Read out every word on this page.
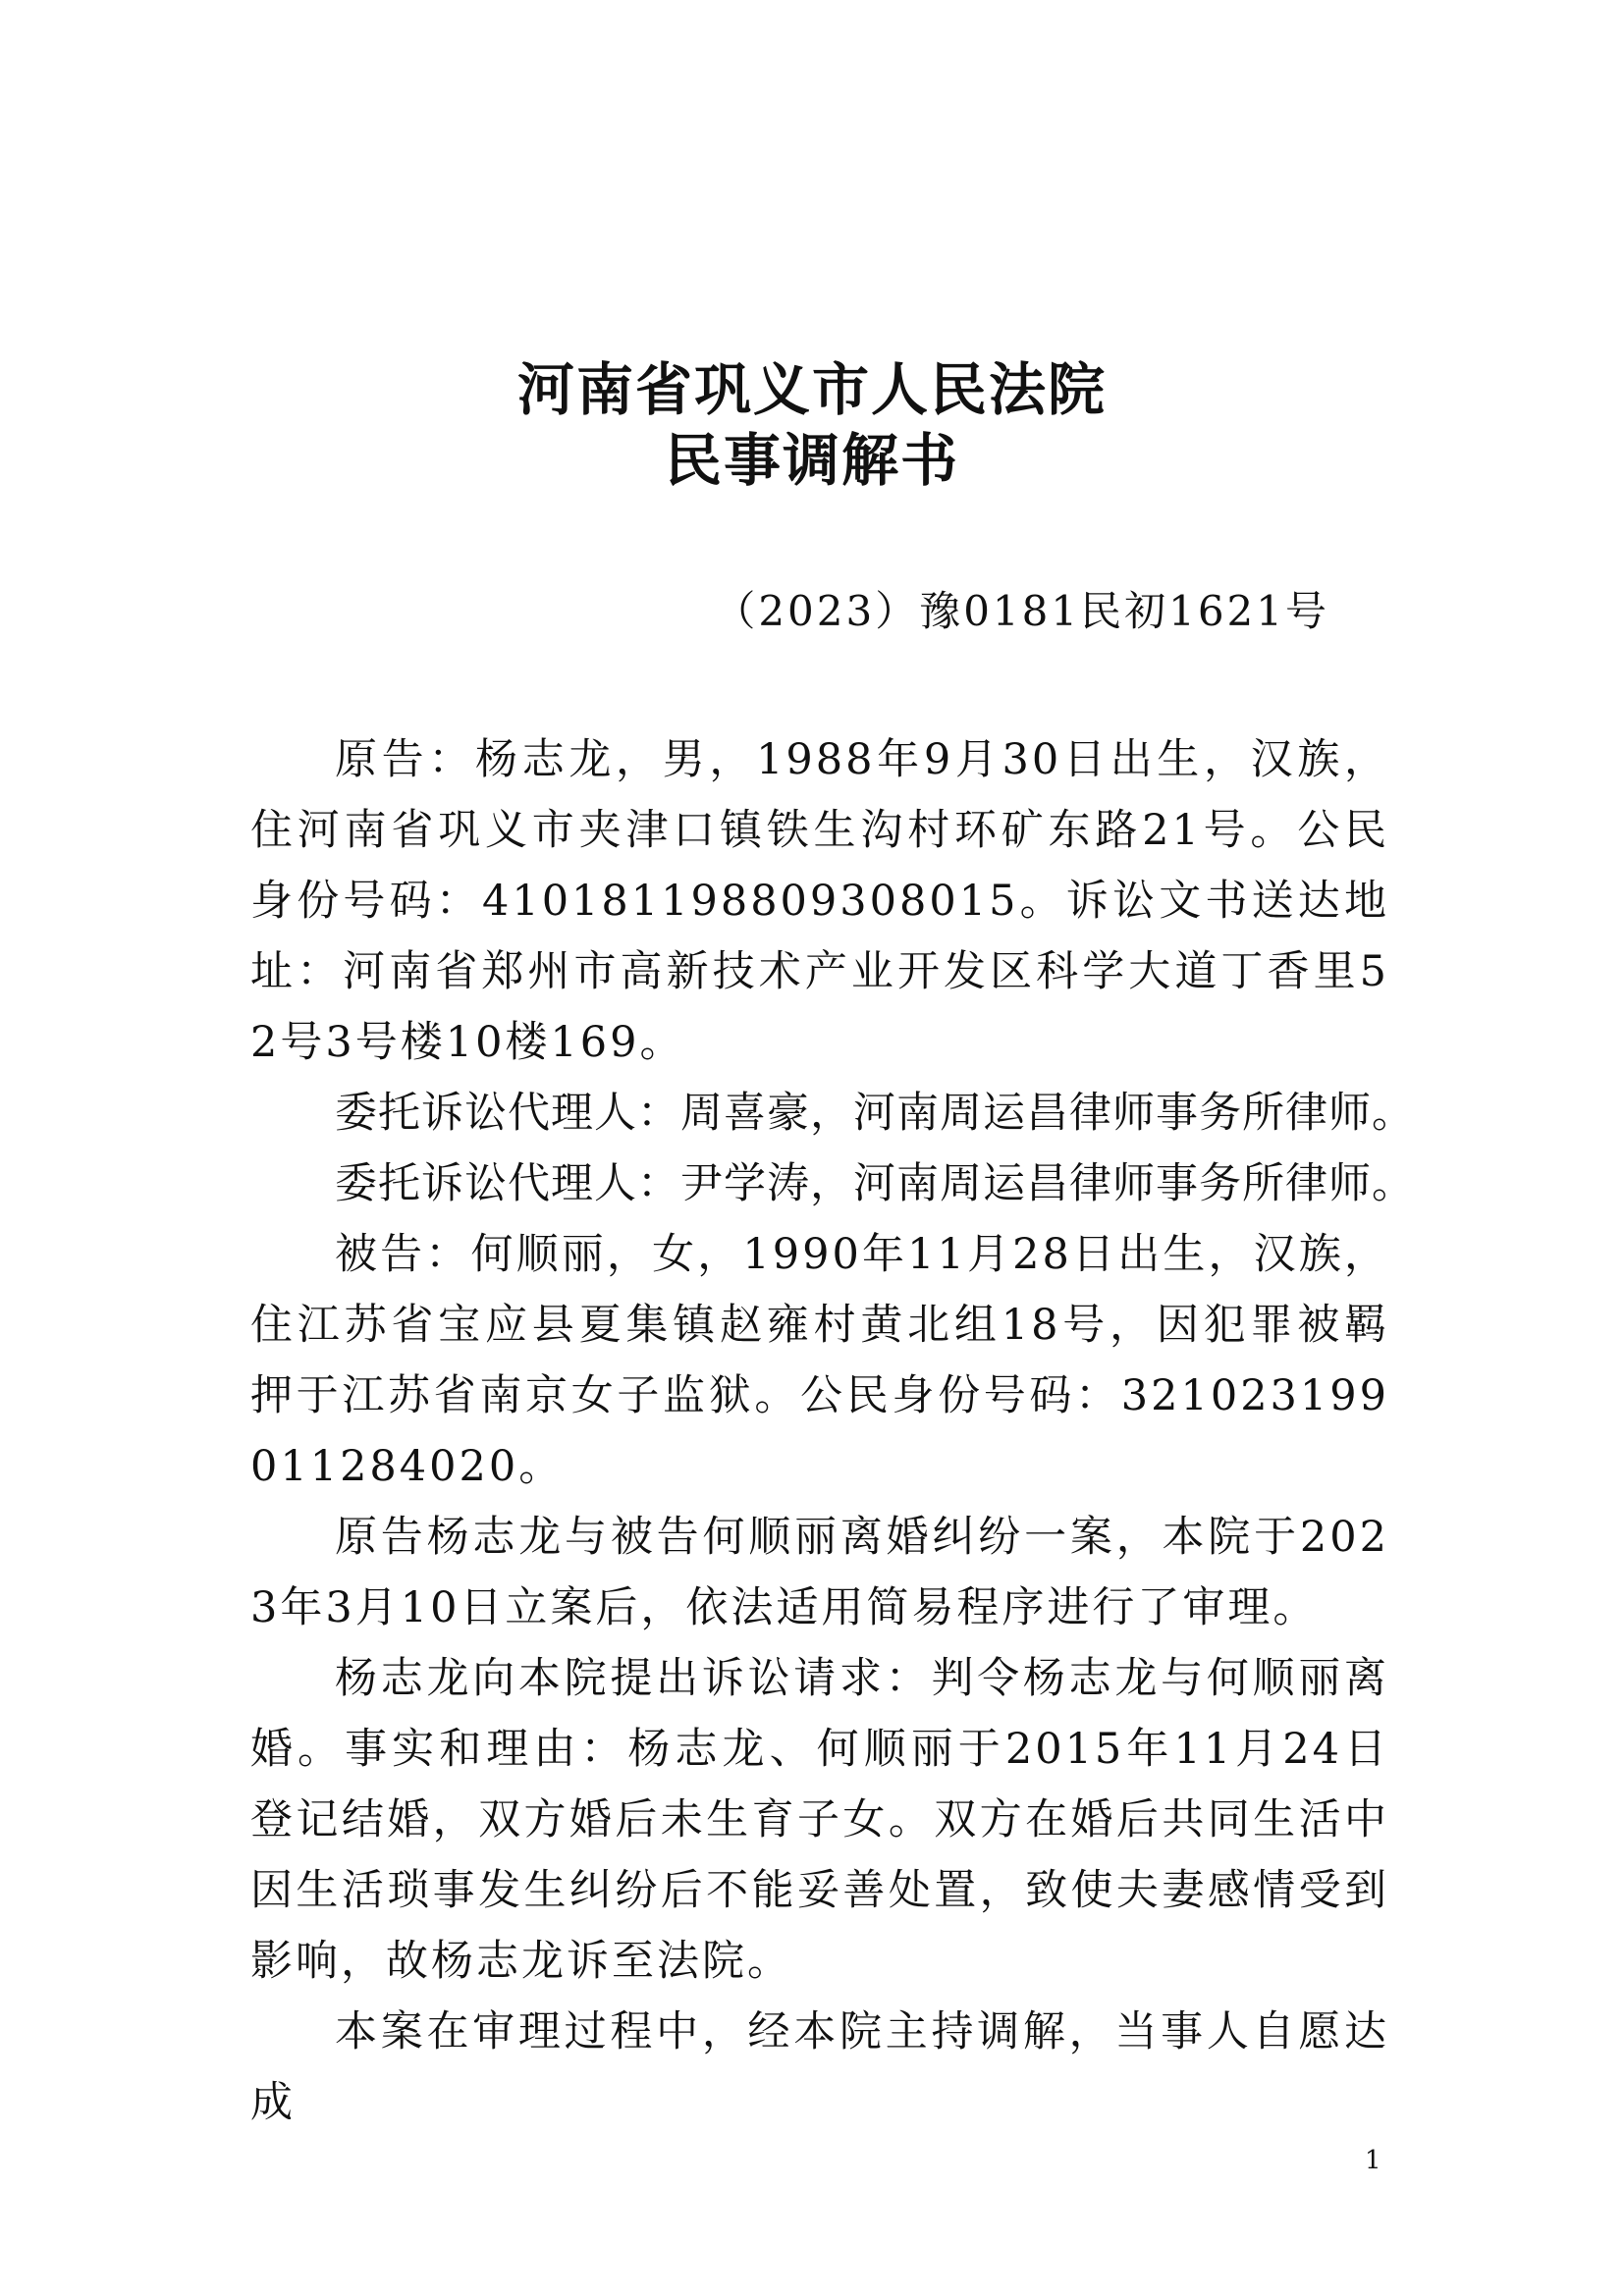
河南省巩义市人民法院
民事调解书
（2023）豫0181民初1621号

原告：杨志龙，男，1988年9月30日出生，汉族，住河南省巩义市夹津口镇铁生沟村环矿东路21号。公民身份号码：410181198809308015。诉讼文书送达地址：河南省郑州市高新技术产业开发区科学大道丁香里52号3号楼10楼169。

委托诉讼代理人：周喜豪，河南周运昌律师事务所律师。

委托诉讼代理人：尹学涛，河南周运昌律师事务所律师。

被告：何顺丽，女，1990年11月28日出生，汉族，住江苏省宝应县夏集镇赵雍村黄北组18号，因犯罪被羁押于江苏省南京女子监狱。公民身份号码：321023199011284020。

原告杨志龙与被告何顺丽离婚纠纷一案，本院于2023年3月10日立案后，依法适用简易程序进行了审理。

杨志龙向本院提出诉讼请求：判令杨志龙与何顺丽离婚。事实和理由：杨志龙、何顺丽于2015年11月24日登记结婚，双方婚后未生育子女。双方在婚后共同生活中因生活琐事发生纠纷后不能妥善处置，致使夫妻感情受到影响，故杨志龙诉至法院。

本案在审理过程中，经本院主持调解，当事人自愿达成

1
